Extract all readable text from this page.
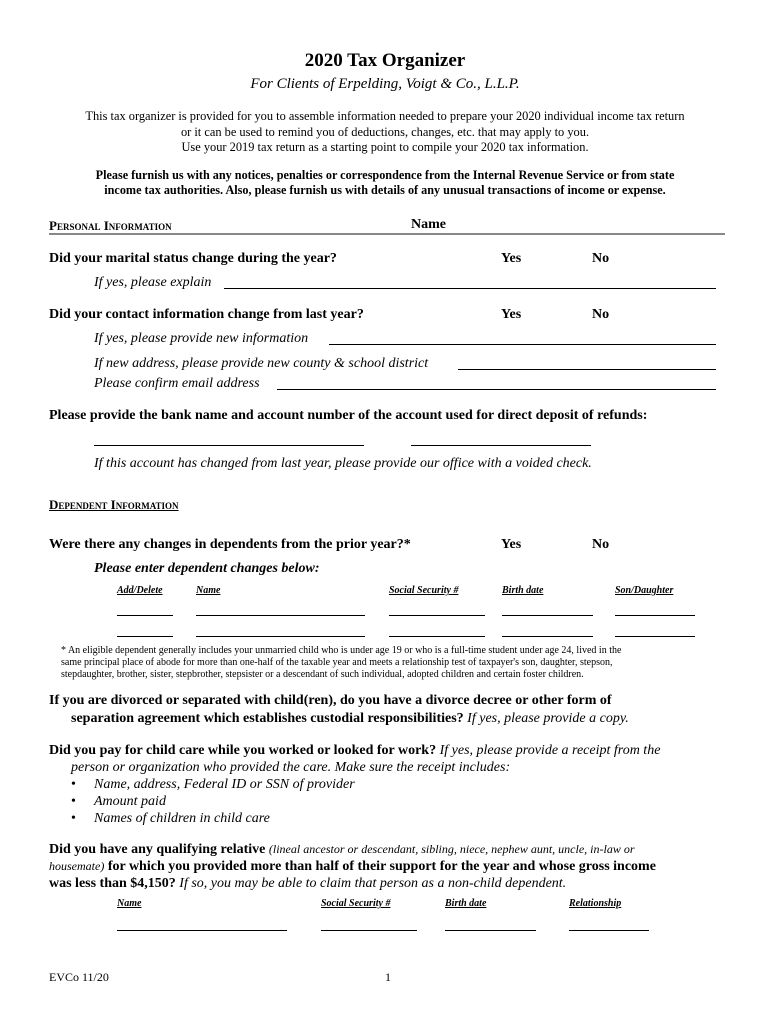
2020 Tax Organizer
For Clients of Erpelding, Voigt & Co., L.L.P.
This tax organizer is provided for you to assemble information needed to prepare your 2020 individual income tax return
or it can be used to remind you of deductions, changes, etc. that may apply to you.
Use your 2019 tax return as a starting point to compile your 2020 tax information.
Please furnish us with any notices, penalties or correspondence from the Internal Revenue Service or from state
income tax authorities. Also, please furnish us with details of any unusual transactions of income or expense.
Personal Information	Name
Did your marital status change during the year?	Yes	No
If yes, please explain
Did your contact information change from last year?	Yes	No
If yes, please provide new information
If new address, please provide new county & school district
Please confirm email address
Please provide the bank name and account number of the account used for direct deposit of refunds:
If this account has changed from last year, please provide our office with a voided check.
Dependent Information
Were there any changes in dependents from the prior year?*	Yes	No
Please enter dependent changes below:
Add/Delete	Name	Social Security #	Birth date	Son/Daughter
* An eligible dependent generally includes your unmarried child who is under age 19 or who is a full-time student under age 24, lived in the
same principal place of abode for more than one-half of the taxable year and meets a relationship test of taxpayer's son, daughter, stepson,
stepdaughter, brother, sister, stepbrother, stepsister or a descendant of such individual, adopted children and certain foster children.
If you are divorced or separated with child(ren), do you have a divorce decree or other form of
separation agreement which establishes custodial responsibilities? If yes, please provide a copy.
Did you pay for child care while you worked or looked for work? If yes, please provide a receipt from the
person or organization who provided the care. Make sure the receipt includes:
• Name, address, Federal ID or SSN of provider
• Amount paid
• Names of children in child care
Did you have any qualifying relative (lineal ancestor or descendant, sibling, niece, nephew aunt, uncle, in-law or
housemate) for which you provided more than half of their support for the year and whose gross income
was less than $4,150? If so, you may be able to claim that person as a non-child dependent.
Name	Social Security #	Birth date	Relationship
EVCo 11/20	1
